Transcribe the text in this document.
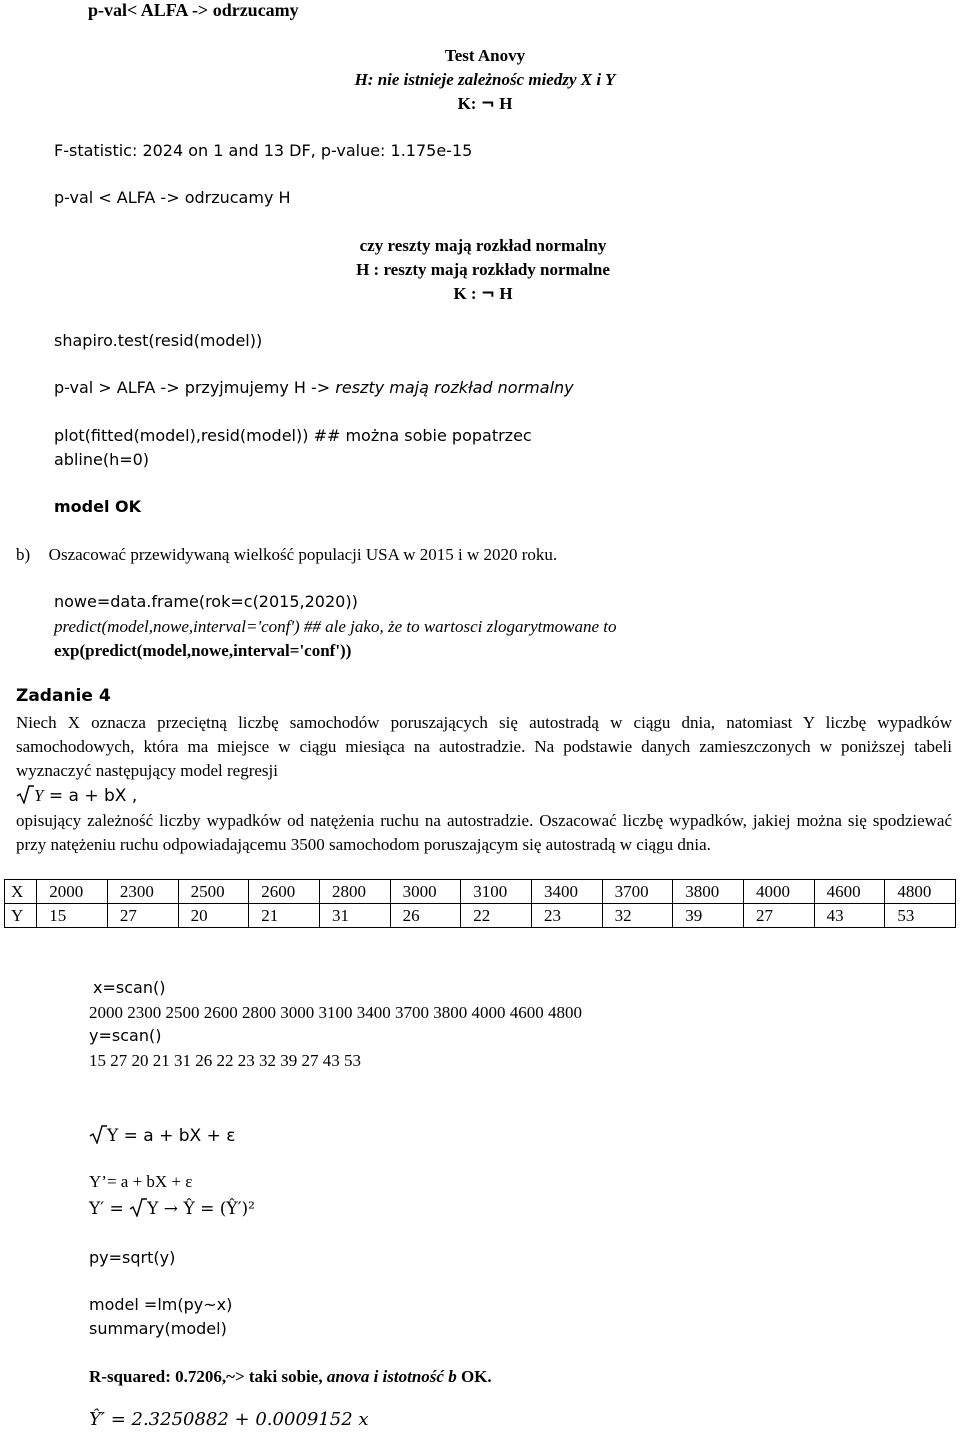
p-val< ALFA -> odrzucamy
Test Anovy
H: nie istnieje zależnośc miedzy X i Y
K: ¬ H
F-statistic: 2024 on 1 and 13 DF, p-value: 1.175e-15
p-val < ALFA -> odrzucamy H
czy reszty mają rozkład normalny
H : reszty mają rozkłady normalne
K : ¬ H
shapiro.test(resid(model))
p-val > ALFA -> przyjmujemy H -> reszty mają rozkład normalny
plot(fitted(model),resid(model)) ## można sobie popatrzec
abline(h=0)
model OK
b) Oszacować przewidywaną wielkość populacji USA w 2015 i w 2020 roku.
nowe=data.frame(rok=c(2015,2020))
predict(model,nowe,interval='conf') ## ale jako, że to wartosci zlogarytmowane to
exp(predict(model,nowe,interval='conf'))
Zadanie 4
Niech X oznacza przeciętną liczbę samochodów poruszających się autostradą w ciągu dnia, natomiast Y liczbę wypadków samochodowych, która ma miejsce w ciągu miesiąca na autostradzie. Na podstawie danych zamieszczonych w poniższej tabeli wyznaczyć następujący model regresji
Y = a + bX ,
opisujący zależność liczby wypadków od natężenia ruchu na autostradzie. Oszacować liczbę wypadków, jakiej można się spodziewać przy natężeniu ruchu odpowiadającemu 3500 samochodom poruszającym się autostradą w ciągu dnia.
X	2000	2300	2500	2600	2800	3000	3100	3400	3700	3800	4000	4600	4800
Y	15	27	20	21	31	26	22	23	32	39	27	43	53
x=scan()
2000 2300 2500 2600 2800 3000 3100 3400 3700 3800 4000 4600 4800
y=scan()
15 27 20 21 31 26 22 23 32 39 27 43 53
Y = a + bX + ε
Y’= a + bX + ε
Y′ = Y → Ŷ = (Ŷ′)²
py=sqrt(y)
model =lm(py~x)
summary(model)
R-squared: 0.7206,~> taki sobie, anova i istotność b OK.
Ŷ′ = 2.3250882 + 0.0009152 x
